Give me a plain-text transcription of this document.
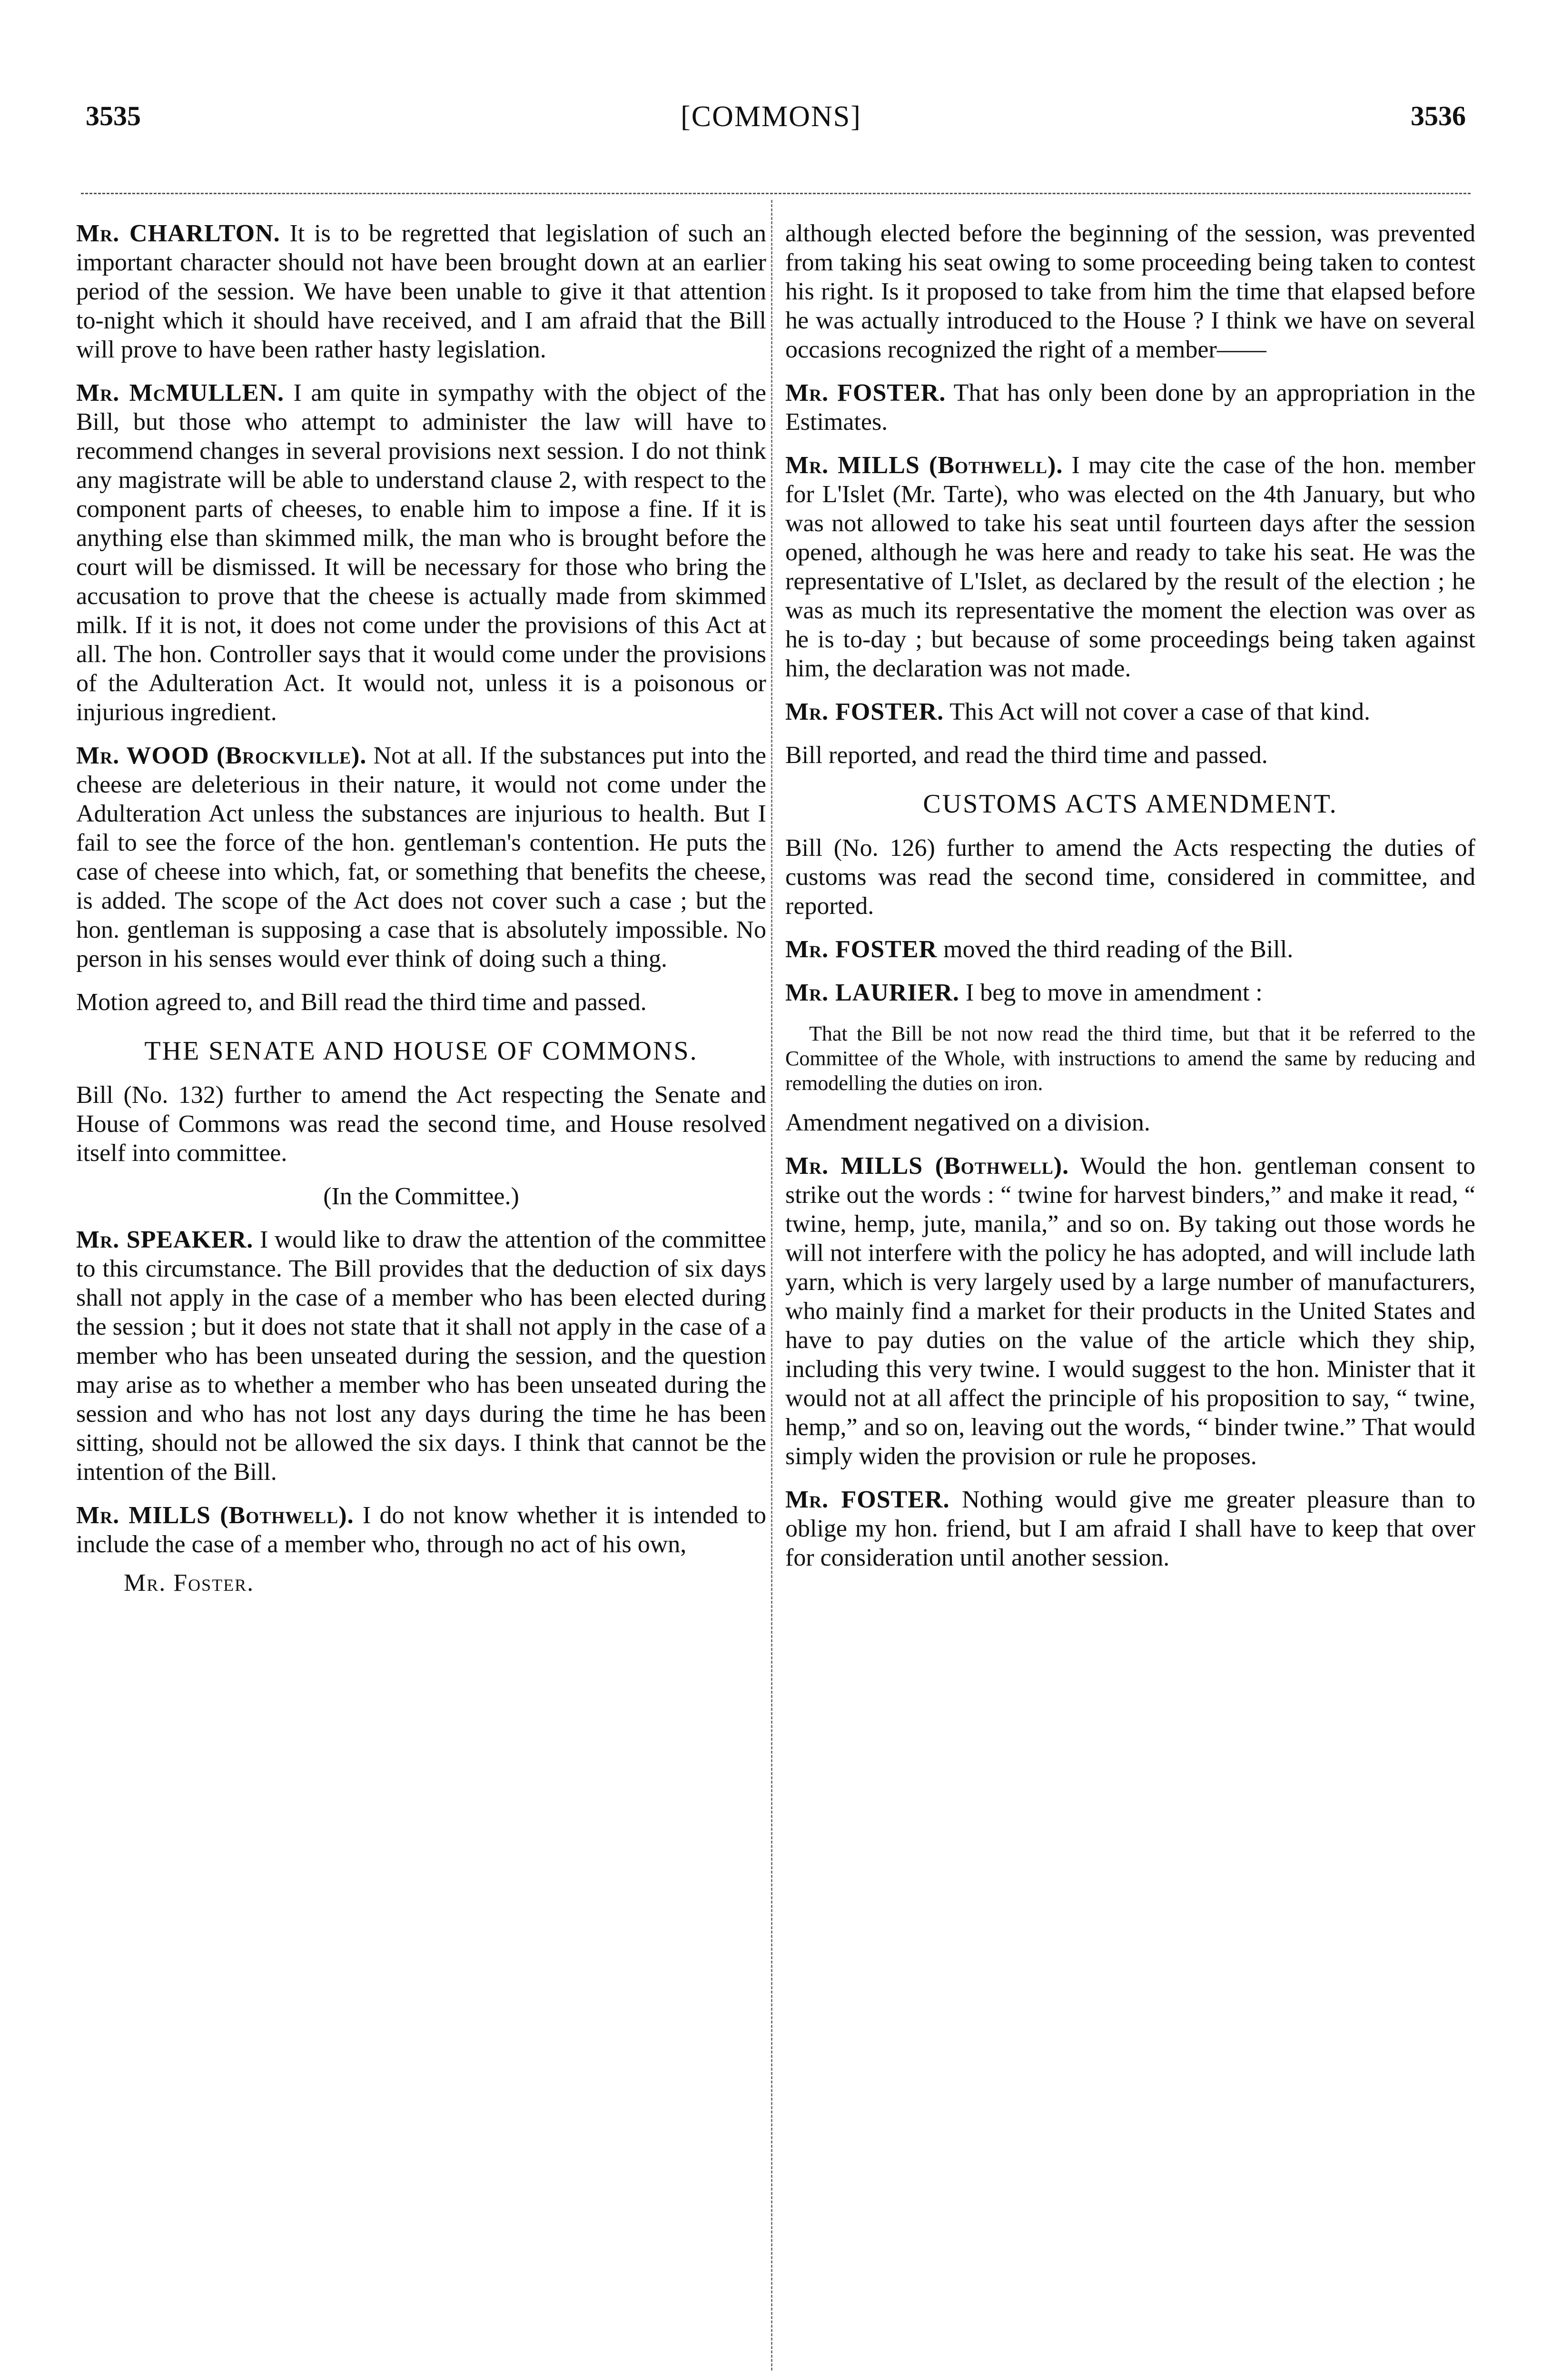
3535	[COMMONS]	3536

Mr. CHARLTON. It is to be regretted that legislation of such an important character should not have been brought down at an earlier period of the session. We have been unable to give it that attention to-night which it should have received, and I am afraid that the Bill will prove to have been rather hasty legislation.

Mr. McMULLEN. I am quite in sympathy with the object of the Bill, but those who attempt to administer the law will have to recommend changes in several provisions next session. I do not think any magistrate will be able to understand clause 2, with respect to the component parts of cheeses, to enable him to impose a fine. If it is anything else than skimmed milk, the man who is brought before the court will be dismissed. It will be necessary for those who bring the accusation to prove that the cheese is actually made from skimmed milk. If it is not, it does not come under the provisions of this Act at all. The hon. Controller says that it would come under the provisions of the Adulteration Act. It would not, unless it is a poisonous or injurious ingredient.

Mr. WOOD (Brockville). Not at all. If the substances put into the cheese are deleterious in their nature, it would not come under the Adulteration Act unless the substances are injurious to health. But I fail to see the force of the hon. gentleman's contention. He puts the case of cheese into which, fat, or something that benefits the cheese, is added. The scope of the Act does not cover such a case ; but the hon. gentleman is supposing a case that is absolutely impossible. No person in his senses would ever think of doing such a thing.

Motion agreed to, and Bill read the third time and passed.

THE SENATE AND HOUSE OF COMMONS.

Bill (No. 132) further to amend the Act respecting the Senate and House of Commons was read the second time, and House resolved itself into committee.

(In the Committee.)

Mr. SPEAKER. I would like to draw the attention of the committee to this circumstance. The Bill provides that the deduction of six days shall not apply in the case of a member who has been elected during the session ; but it does not state that it shall not apply in the case of a member who has been unseated during the session, and the question may arise as to whether a member who has been unseated during the session and who has not lost any days during the time he has been sitting, should not be allowed the six days. I think that cannot be the intention of the Bill.

Mr. MILLS (Bothwell). I do not know whether it is intended to include the case of a member who, through no act of his own,

Mr. Foster.

although elected before the beginning of the session, was prevented from taking his seat owing to some proceeding being taken to contest his right. Is it proposed to take from him the time that elapsed before he was actually introduced to the House ? I think we have on several occasions recognized the right of a member——

Mr. FOSTER. That has only been done by an appropriation in the Estimates.

Mr. MILLS (Bothwell). I may cite the case of the hon. member for L'Islet (Mr. Tarte), who was elected on the 4th January, but who was not allowed to take his seat until fourteen days after the session opened, although he was here and ready to take his seat. He was the representative of L'Islet, as declared by the result of the election ; he was as much its representative the moment the election was over as he is to-day ; but because of some proceedings being taken against him, the declaration was not made.

Mr. FOSTER. This Act will not cover a case of that kind.

Bill reported, and read the third time and passed.

CUSTOMS ACTS AMENDMENT.

Bill (No. 126) further to amend the Acts respecting the duties of customs was read the second time, considered in committee, and reported.

Mr. FOSTER moved the third reading of the Bill.

Mr. LAURIER. I beg to move in amendment :

That the Bill be not now read the third time, but that it be referred to the Committee of the Whole, with instructions to amend the same by reducing and remodelling the duties on iron.

Amendment negatived on a division.

Mr. MILLS (Bothwell). Would the hon. gentleman consent to strike out the words : “ twine for harvest binders,” and make it read, “ twine, hemp, jute, manila,” and so on. By taking out those words he will not interfere with the policy he has adopted, and will include lath yarn, which is very largely used by a large number of manufacturers, who mainly find a market for their products in the United States and have to pay duties on the value of the article which they ship, including this very twine. I would suggest to the hon. Minister that it would not at all affect the principle of his proposition to say, “ twine, hemp,” and so on, leaving out the words, “ binder twine.” That would simply widen the provision or rule he proposes.

Mr. FOSTER. Nothing would give me greater pleasure than to oblige my hon. friend, but I am afraid I shall have to keep that over for consideration until another session.
